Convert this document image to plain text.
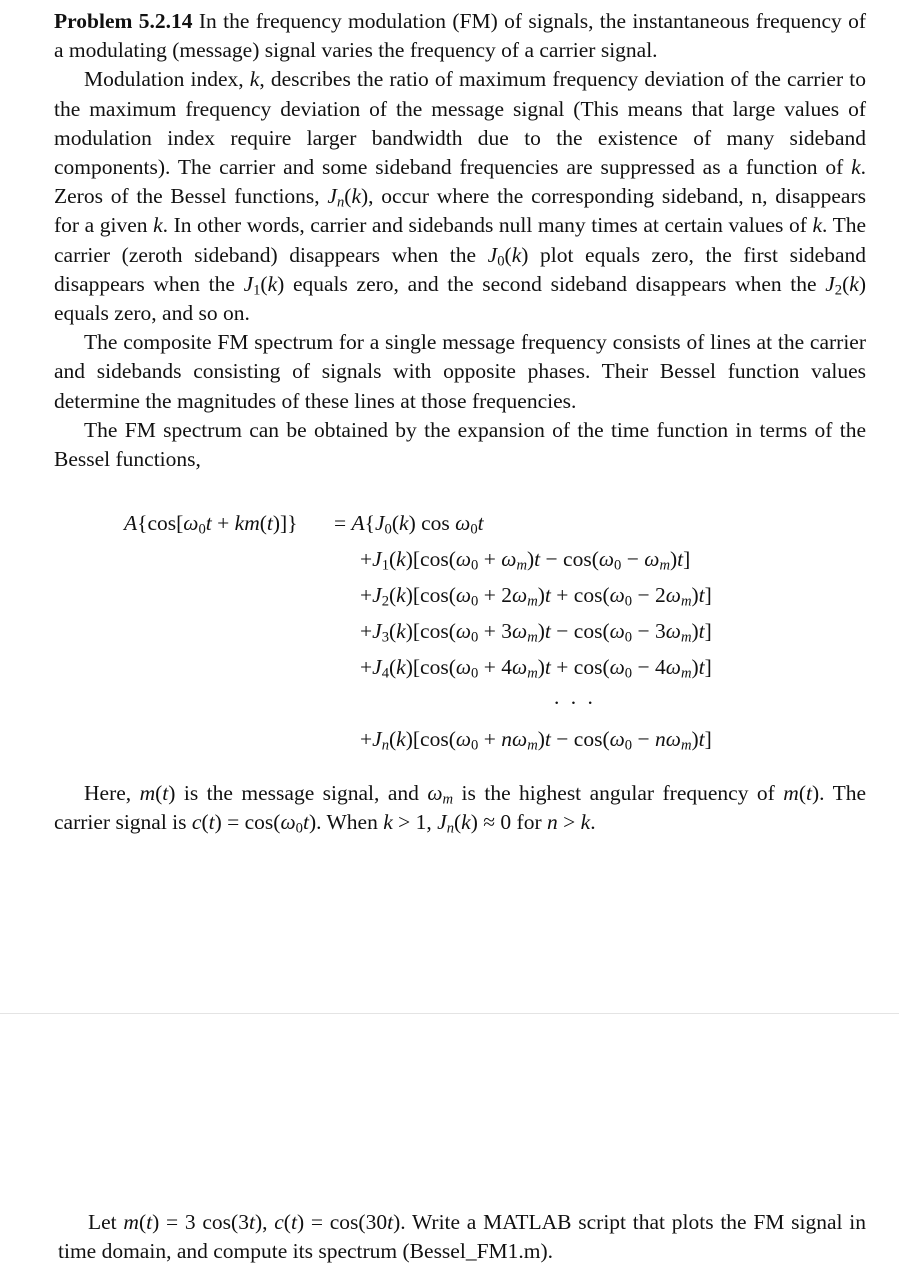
Problem 5.2.14 In the frequency modulation (FM) of signals, the instantaneous frequency of a modulating (message) signal varies the frequency of a carrier signal.

Modulation index, k, describes the ratio of maximum frequency deviation of the carrier to the maximum frequency deviation of the message signal (This means that large values of modulation index require larger bandwidth due to the existence of many sideband components). The carrier and some sideband frequencies are suppressed as a function of k. Zeros of the Bessel functions, $J_n(k)$, occur where the corresponding sideband, n, disappears for a given k. In other words, carrier and sidebands null many times at certain values of k. The carrier (zeroth sideband) disappears when the $J_0(k)$ plot equals zero, the first sideband disappears when the $J_1(k)$ equals zero, and the second sideband disappears when the $J_2(k)$ equals zero, and so on.

The composite FM spectrum for a single message frequency consists of lines at the carrier and sidebands consisting of signals with opposite phases. Their Bessel function values determine the magnitudes of these lines at those frequencies.

The FM spectrum can be obtained by the expansion of the time function in terms of the Bessel functions,

$A\{\cos[\omega_0t + km(t)]\} = A\{J_0(k)$ $\cos \omega_0t$
$+J_1(k)[\cos(\omega_0 + \omega_m)t - \cos(\omega_0 - \omega_m)t]$
$+J_2(k)[\cos(\omega_0 + 2\omega_m)t + \cos(\omega_0 - 2\omega_m)t]$
$+J_3(k)[\cos(\omega_0 + 3\omega_m)t - \cos(\omega_0 - 3\omega_m)t]$
$+J_4(k)[\cos(\omega_0 + 4\omega_m)t + \cos(\omega_0 - 4\omega_m)t]$
. . .
$+J_n(k)[\cos(\omega_0 + n\omega_m)t - \cos(\omega_0 - n\omega_m)t]$

Here, m(t) is the message signal, and $\omega_m$ is the highest angular frequency of m(t). The carrier signal is $c(t) = \cos(\omega_0t)$. When k > 1, $J_n(k) \approx 0$ for n > k.

Let m(t) = 3 cos(3t), c(t) = cos(30t). Write a MATLAB script that plots the FM signal in time domain, and compute its spectrum (Bessel_FM1.m).
